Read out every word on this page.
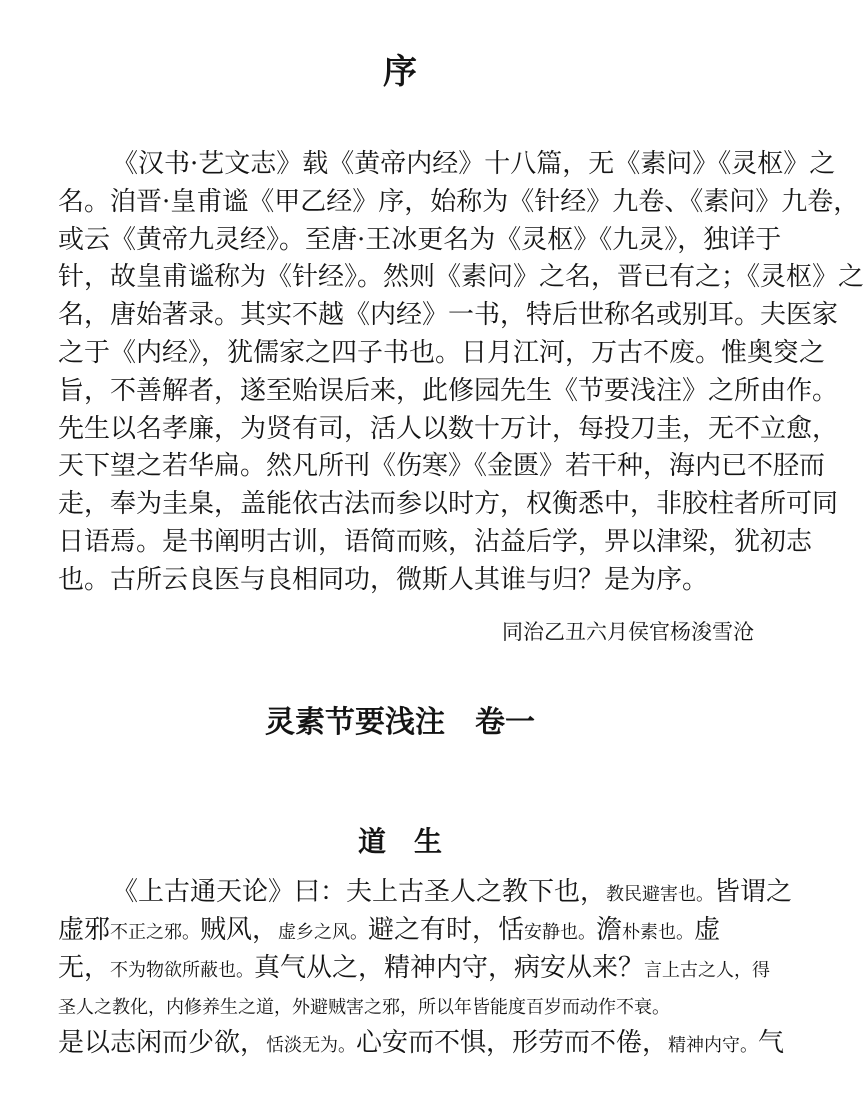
序
《汉书·艺文志》载《黄帝内经》十八篇，无《素问》《灵枢》之
名。洎晋·皇甫谧《甲乙经》序，始称为《针经》九卷、《素问》九卷，
或云《黄帝九灵经》。至唐·王冰更名为《灵枢》《九灵》，独详于
针，故皇甫谧称为《针经》。然则《素问》之名，晋已有之；《灵枢》之
名，唐始著录。其实不越《内经》一书，特后世称名或别耳。夫医家
之于《内经》，犹儒家之四子书也。日月江河，万古不废。惟奥窔之
旨，不善解者，遂至贻误后来，此修园先生《节要浅注》之所由作。
先生以名孝廉，为贤有司，活人以数十万计，每投刀圭，无不立愈，
天下望之若华扁。然凡所刊《伤寒》《金匮》若干种，海内已不胫而
走，奉为圭臬，盖能依古法而参以时方，权衡悉中，非胶柱者所可同
日语焉。是书阐明古训，语简而赅，沾益后学，畀以津梁，犹初志
也。古所云良医与良相同功，微斯人其谁与归？是为序。

同治乙丑六月侯官杨浚雪沧

灵素节要浅注　卷一
道　生
《上古通天论》曰：夫上古圣人之教下也，教民避害也。皆谓之
虚邪不正之邪。贼风，虚乡之风。避之有时，恬安静也。澹朴素也。虚
无，不为物欲所蔽也。真气从之，精神内守，病安从来？言上古之人，得
圣人之教化，内修养生之道，外避贼害之邪，所以年皆能度百岁而动作不衰。
是以志闲而少欲，恬淡无为。心安而不惧，形劳而不倦，精神内守。气
